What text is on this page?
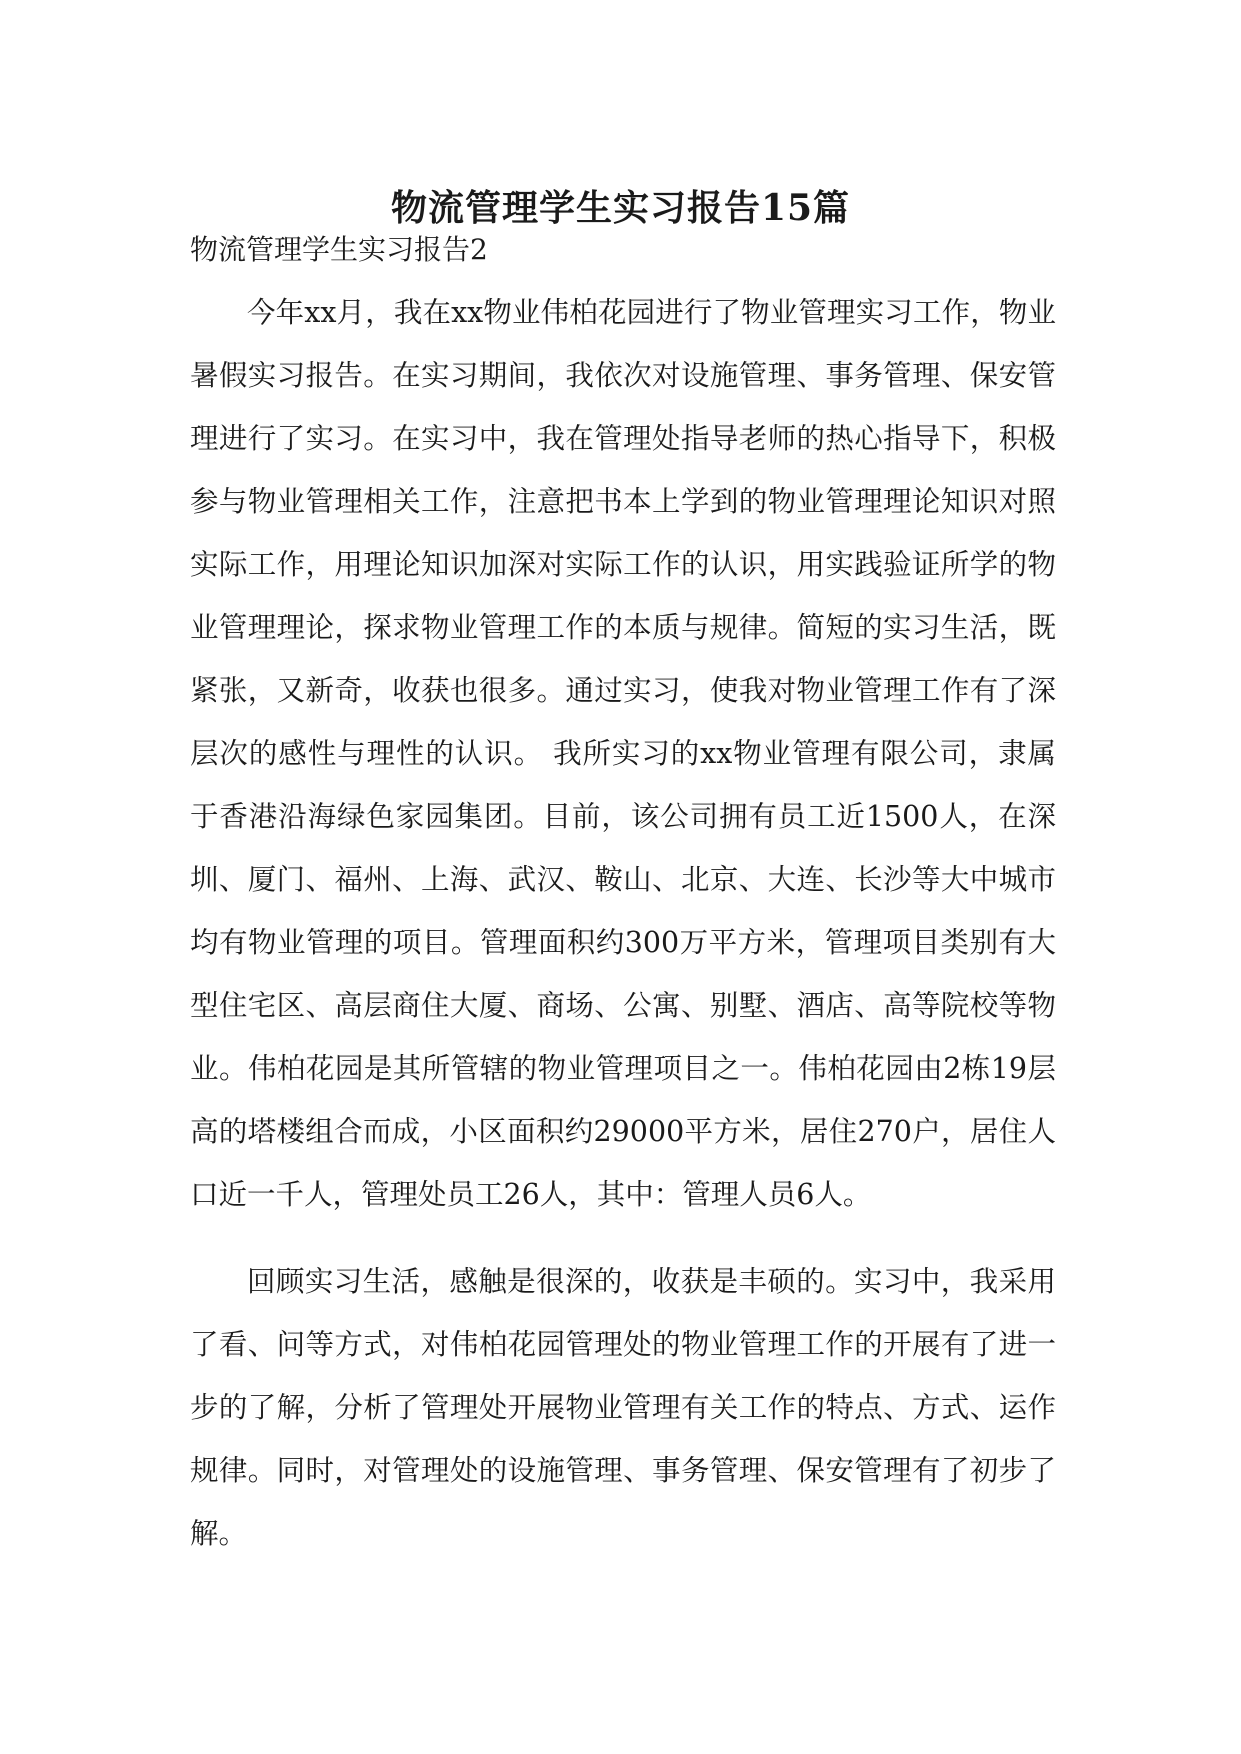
物流管理学生实习报告15篇
物流管理学生实习报告2

今年xx月，我在xx物业伟柏花园进行了物业管理实习工作，物业暑假实习报告。在实习期间，我依次对设施管理、事务管理、保安管理进行了实习。在实习中，我在管理处指导老师的热心指导下，积极参与物业管理相关工作，注意把书本上学到的物业管理理论知识对照实际工作，用理论知识加深对实际工作的认识，用实践验证所学的物业管理理论，探求物业管理工作的本质与规律。简短的实习生活，既紧张，又新奇，收获也很多。通过实习，使我对物业管理工作有了深层次的感性与理性的认识。 我所实习的xx物业管理有限公司，隶属于香港沿海绿色家园集团。目前，该公司拥有员工近1500人，在深圳、厦门、福州、上海、武汉、鞍山、北京、大连、长沙等大中城市均有物业管理的项目。管理面积约300万平方米，管理项目类别有大型住宅区、高层商住大厦、商场、公寓、别墅、酒店、高等院校等物业。伟柏花园是其所管辖的物业管理项目之一。伟柏花园由2栋19层高的塔楼组合而成，小区面积约29000平方米，居住270户，居住人口近一千人，管理处员工26人，其中：管理人员6人。

回顾实习生活，感触是很深的，收获是丰硕的。实习中，我采用了看、问等方式，对伟柏花园管理处的物业管理工作的开展有了进一步的了解，分析了管理处开展物业管理有关工作的特点、方式、运作规律。同时，对管理处的设施管理、事务管理、保安管理有了初步了解。
